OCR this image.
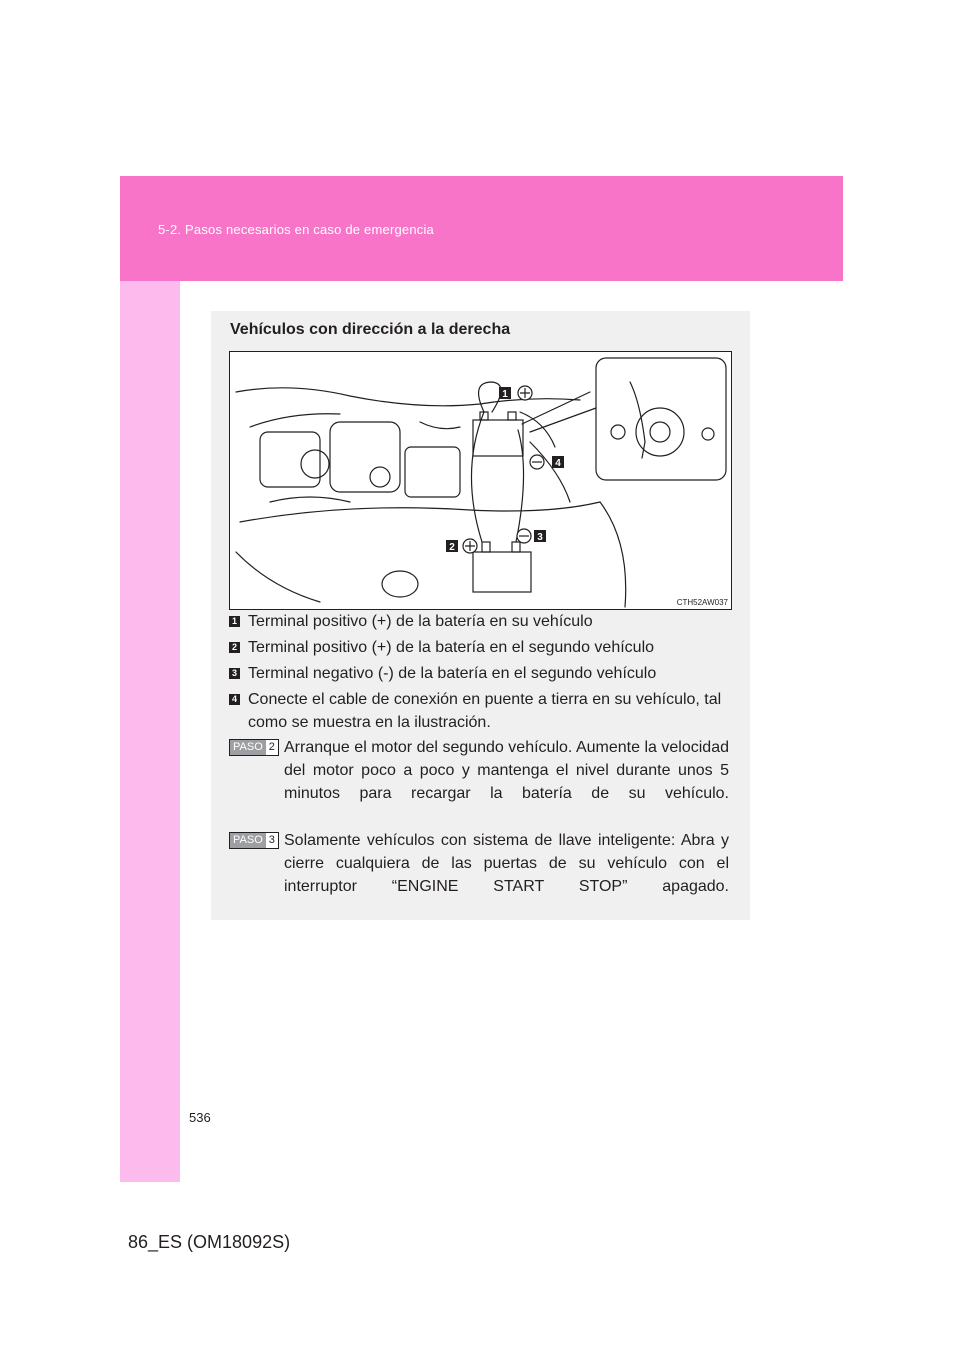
5-2. Pasos necesarios en caso de emergencia
Vehículos con dirección a la derecha
1
4
2
3
CTH52AW037
1 Terminal positivo (+) de la batería en su vehículo
2 Terminal positivo (+) de la batería en el segundo vehículo
3 Terminal negativo (-) de la batería en el segundo vehículo
4 Conecte el cable de conexión en puente a tierra en su vehículo, tal como se muestra en la ilustración.
PASO 2 Arranque el motor del segundo vehículo. Aumente la velocidad del motor poco a poco y mantenga el nivel durante unos 5 minutos para recargar la batería de su vehículo.
PASO 3 Solamente vehículos con sistema de llave inteligente: Abra y cierre cualquiera de las puertas de su vehículo con el interruptor “ENGINE START STOP” apagado.
536
86_ES (OM18092S)
